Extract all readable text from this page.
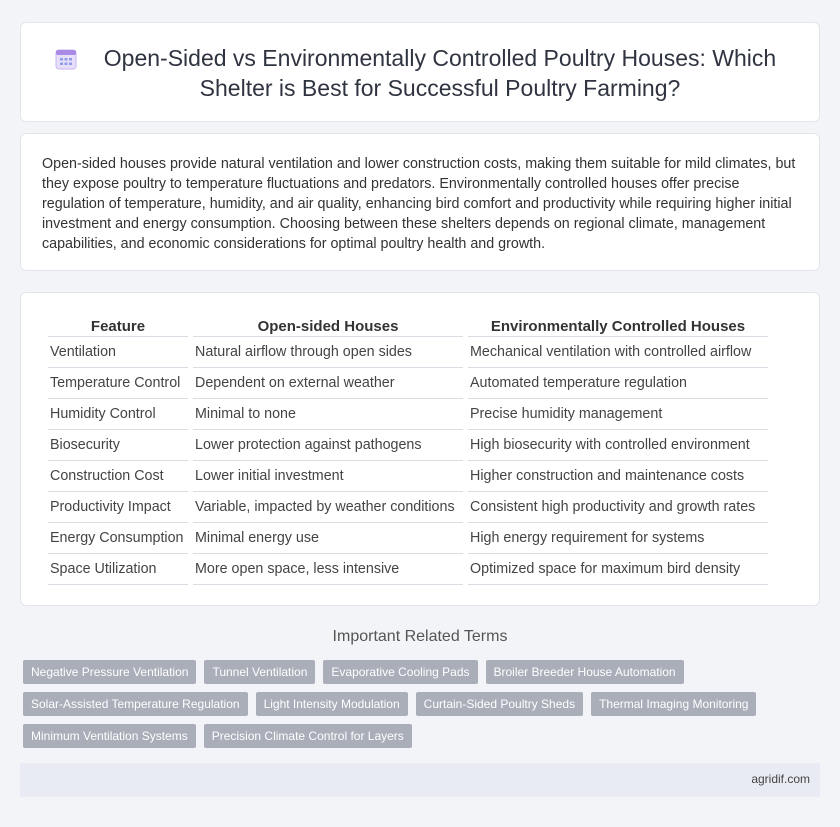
Open-Sided vs Environmentally Controlled Poultry Houses: Which Shelter is Best for Successful Poultry Farming?

Open-sided houses provide natural ventilation and lower construction costs, making them suitable for mild climates, but they expose poultry to temperature fluctuations and predators. Environmentally controlled houses offer precise regulation of temperature, humidity, and air quality, enhancing bird comfort and productivity while requiring higher initial investment and energy consumption. Choosing between these shelters depends on regional climate, management capabilities, and economic considerations for optimal poultry health and growth.

Feature	Open-sided Houses	Environmentally Controlled Houses
Ventilation	Natural airflow through open sides	Mechanical ventilation with controlled airflow
Temperature Control	Dependent on external weather	Automated temperature regulation
Humidity Control	Minimal to none	Precise humidity management
Biosecurity	Lower protection against pathogens	High biosecurity with controlled environment
Construction Cost	Lower initial investment	Higher construction and maintenance costs
Productivity Impact	Variable, impacted by weather conditions	Consistent high productivity and growth rates
Energy Consumption	Minimal energy use	High energy requirement for systems
Space Utilization	More open space, less intensive	Optimized space for maximum bird density
Important Related Terms
Negative Pressure Ventilation	Tunnel Ventilation	Evaporative Cooling Pads	Broiler Breeder House Automation
Solar-Assisted Temperature Regulation	Light Intensity Modulation	Curtain-Sided Poultry Sheds	Thermal Imaging Monitoring
Minimum Ventilation Systems	Precision Climate Control for Layers
agridif.com
